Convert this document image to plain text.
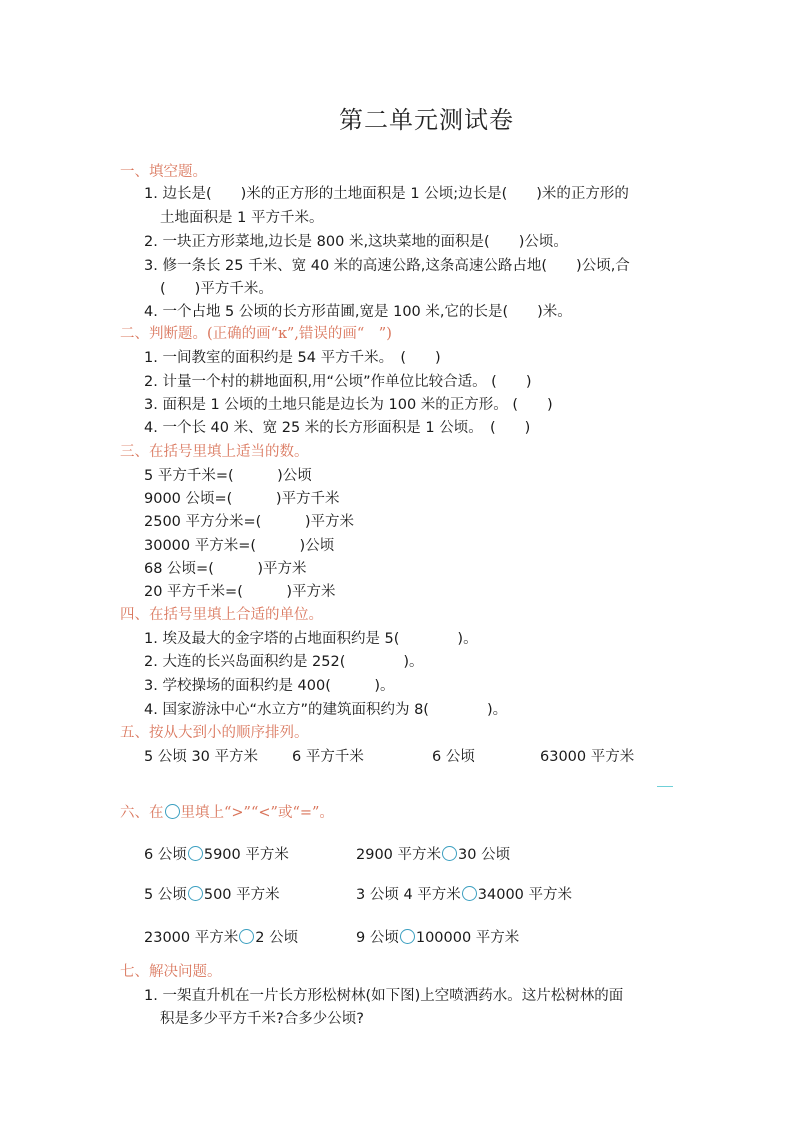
第二单元测试卷
一、填空题。
1. 边长是(　　)米的正方形的土地面积是 1 公顷;边长是(　　)米的正方形的
土地面积是 1 平方千米。
2. 一块正方形菜地,边长是 800 米,这块菜地的面积是(　　)公顷。
3. 修一条长 25 千米、宽 40 米的高速公路,这条高速公路占地(　　)公顷,合
(　　)平方千米。
4. 一个占地 5 公顷的长方形苗圃,宽是 100 米,它的长是(　　)米。
二、判断题。(正确的画“ĸ”,错误的画“　”)
1. 一间教室的面积约是 54 平方千米。　(　　)
2. 计量一个村的耕地面积,用“公顷”作单位比较合适。 (　　)
3. 面积是 1 公顷的土地只能是边长为 100 米的正方形。 (　　)
4. 一个长 40 米、宽 25 米的长方形面积是 1 公顷。　(　　)
三、在括号里填上适当的数。
5 平方千米=(　　　)公顷
9000 公顷=(　　　)平方千米
2500 平方分米=(　　　)平方米
30000 平方米=(　　　)公顷
68 公顷=(　　　)平方米
20 平方千米=(　　　)平方米
四、在括号里填上合适的单位。
1. 埃及最大的金字塔的占地面积约是 5(　　　　)。
2. 大连的长兴岛面积约是 252(　　　　)。
3. 学校操场的面积约是 400(　　　)。
4. 国家游泳中心“水立方”的建筑面积约为 8(　　　　)。
五、按从大到小的顺序排列。
5 公顷 30 平方米 6 平方千米	6 公顷	63000 平方米
六、在 里填上“>”“<”或“=”。
6 公顷 5900 平方米	2900 平方米 30 公顷
5 公顷 500 平方米	3 公顷 4 平方米 34000 平方米
23000 平方米 2 公顷	9 公顷 100000 平方米
七、解决问题。
1. 一架直升机在一片长方形松树林(如下图)上空喷洒药水。这片松树林的面
积是多少平方千米?合多少公顷?
